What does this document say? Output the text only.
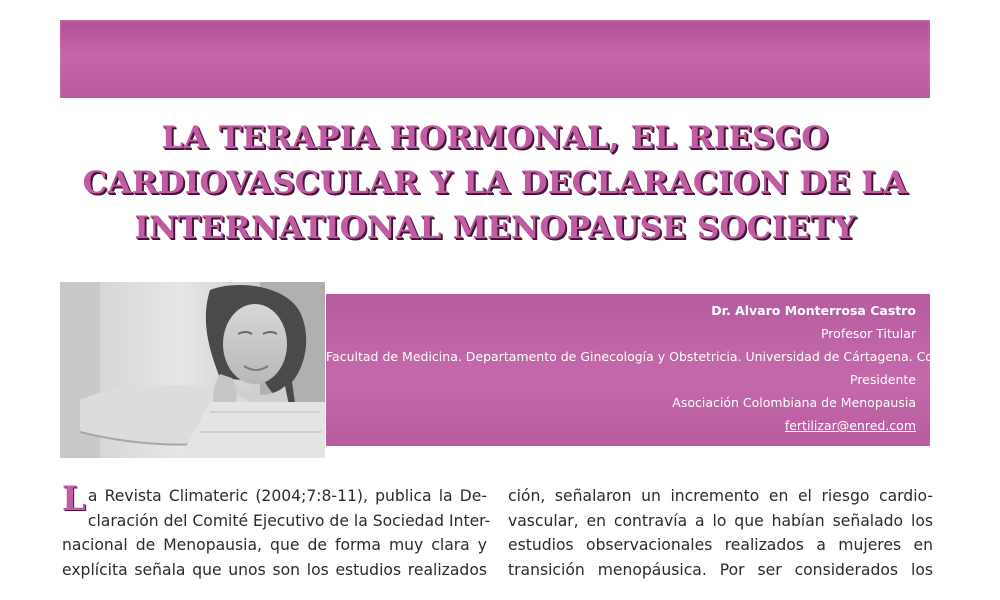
LA TERAPIA HORMONAL, EL RIESGO
CARDIOVASCULAR Y LA DECLARACION DE LA
INTERNATIONAL MENOPAUSE SOCIETY
Dr. Alvaro Monterrosa Castro
Profesor Titular
Facultad de Medicina. Departamento de Ginecología y Obstetricia. Universidad de Cártagena. Colombia
Presidente
Asociación Colombiana de Menopausia
fertilizar@enred.com

L a Revista Climateric (2004;7:8-11), publica la De-
claración del Comité Ejecutivo de la Sociedad Inter-
nacional de Menopausia, que de forma muy clara y
explícita señala que unos son los estudios realizados

ción, señalaron un incremento en el riesgo cardio-
vascular, en contravía a lo que habían señalado los
estudios observacionales realizados a mujeres en
transición menopáusica. Por ser considerados los
